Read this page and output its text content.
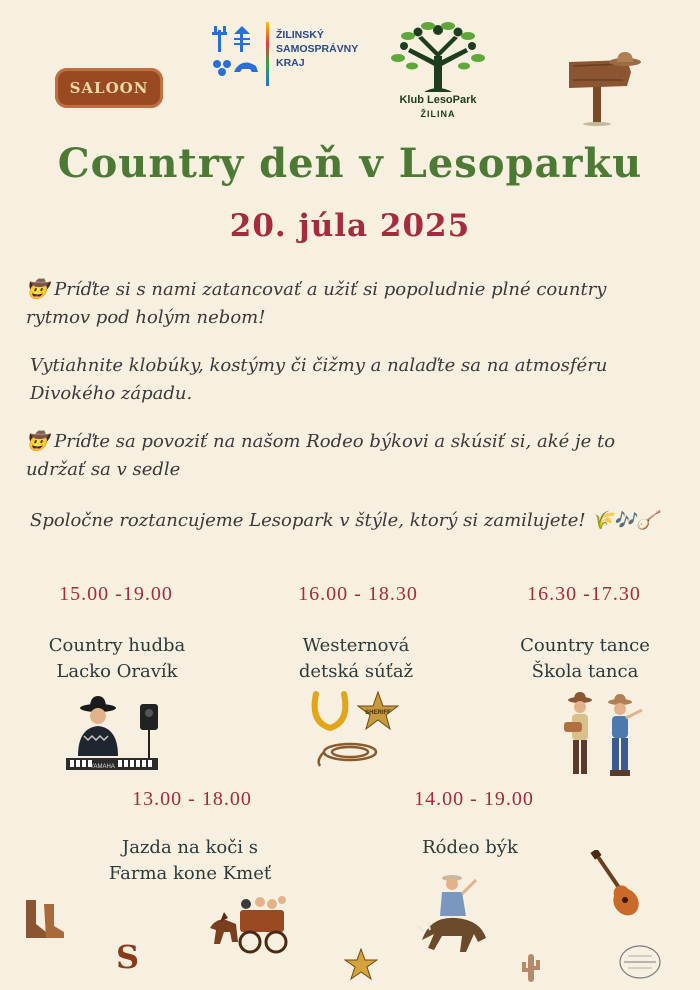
SALOON
ŽILINSKÝ
SAMOSPRÁVNY
KRAJ
Klub LesoPark
ŽILINA
Country deň v Lesoparku
20. júla 2025
🤠 Príďte si s nami zatancovať a užiť si popoludnie plné country rytmov pod holým nebom!
Vytiahnite klobúky, kostýmy či čižmy a nalaďte sa na atmosféru Divokého západu.
🤠 Príďte sa povoziť na našom Rodeo býkovi a skúsiť si, aké je to udržať sa v sedle
Spoločne roztancujeme Lesopark v štýle, ktorý si zamilujete! 🌾🎶🪕
15.00 -19.00	16.00 - 18.30	16.30 -17.30
Country hudba
Lacko Oravík
Westernová
detská súťaž
Country tance
Škola tanca
YAMAHA
SHERIFF
13.00 - 18.00	14.00 - 19.00
Jazda na koči s
Farma kone Kmeť
Ródeo býk
S
